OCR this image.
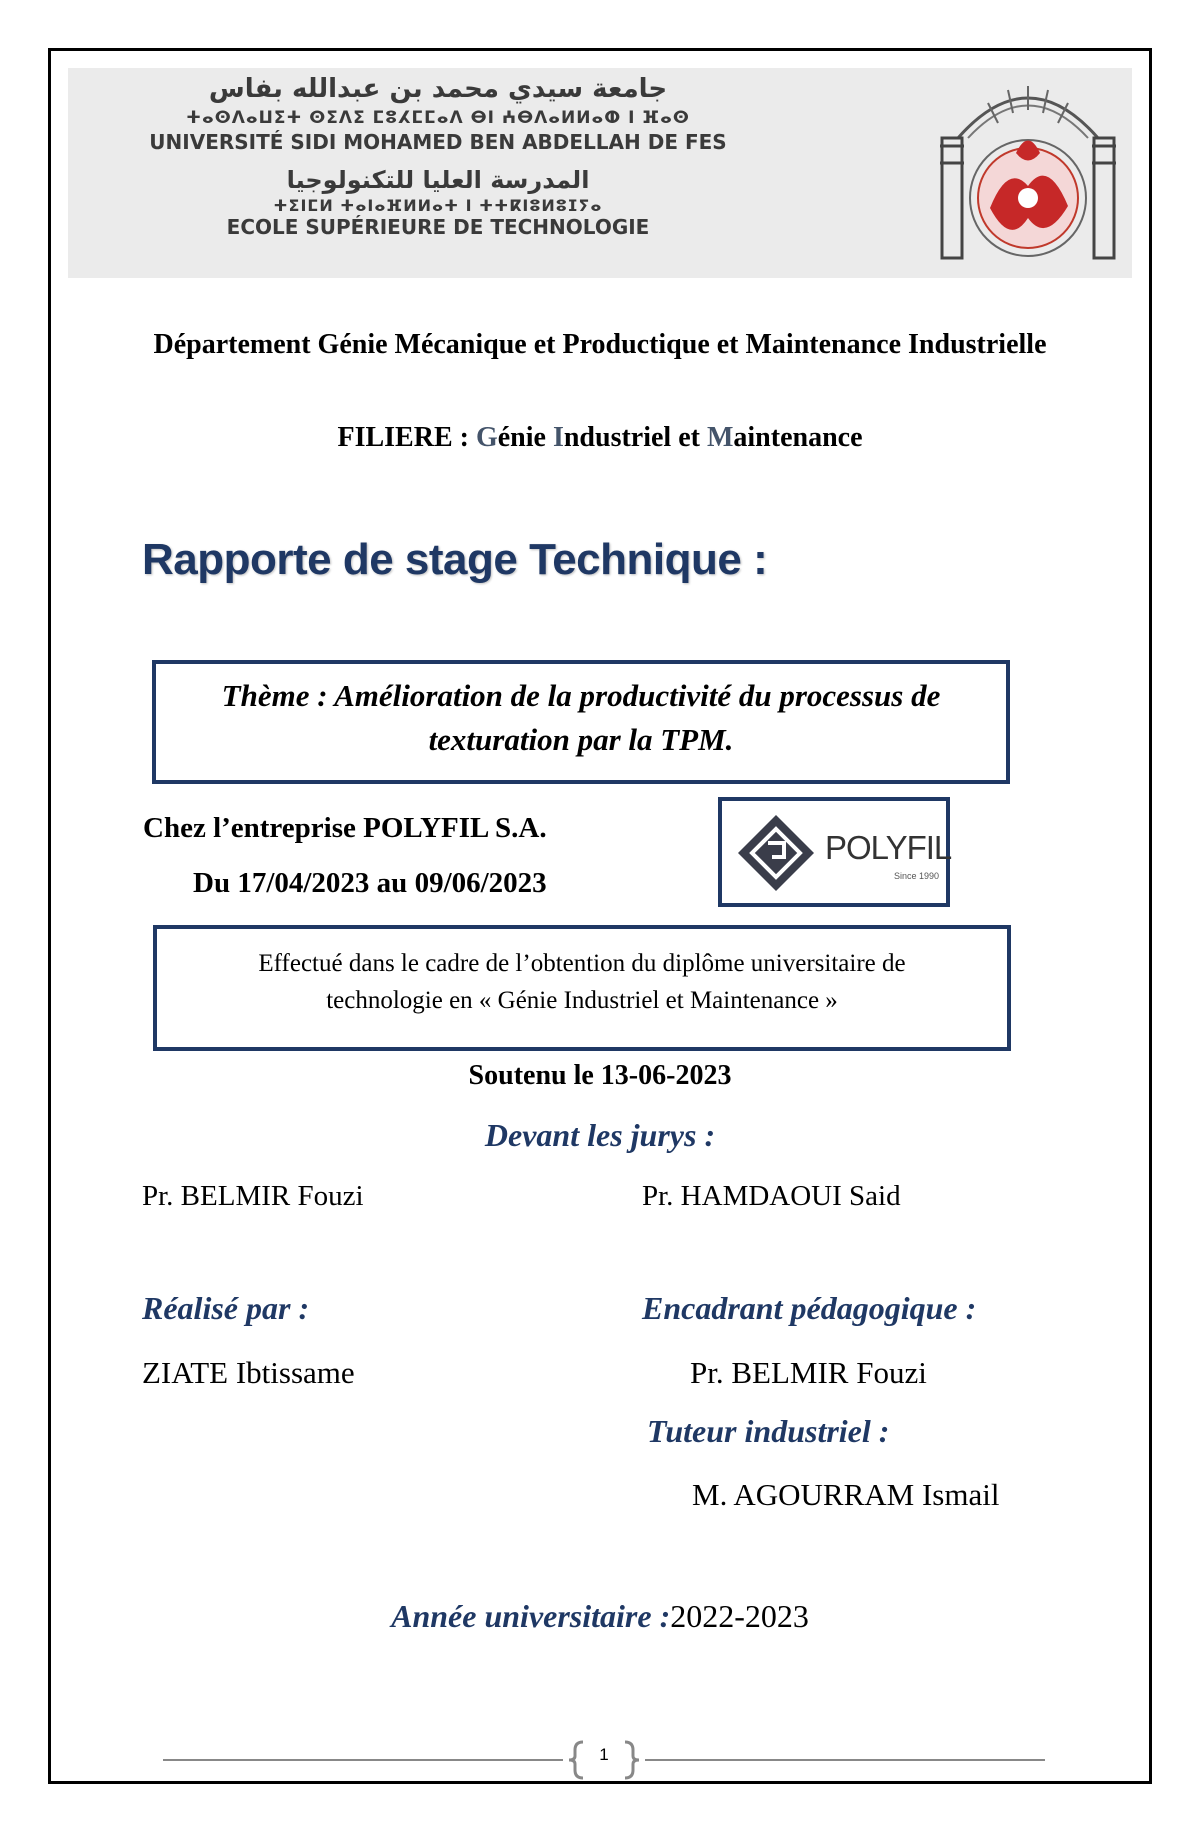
جامعة سيدي محمد بن عبدالله بفاس
ⵜⴰⵙⴷⴰⵡⵉⵜ ⵙⵉⴷⵉ ⵎⵓⵃⵎⵎⴰⴷ ⴱⵏ ⵄⴱⴷⴰⵍⵍⴰⵀ ⵏ ⴼⴰⵙ
UNIVERSITÉ SIDI MOHAMED BEN ABDELLAH DE FES
المدرسة العليا للتكنولوجيا
ⵜⵉⵏⵎⵍ ⵜⴰⵏⴰⴼⵍⵍⴰⵜ ⵏ ⵜⵜⴽⵏⵓⵍⵓⵊⵢⴰ
ECOLE SUPÉRIEURE DE TECHNOLOGIE
Département Génie Mécanique et Productique et Maintenance Industrielle
FILIERE : Génie Industriel et Maintenance
Rapporte de stage Technique :
Thème : Amélioration de la productivité du processus de texturation par la TPM.
Chez l’entreprise POLYFIL S.A.
Du 17/04/2023 au 09/06/2023
POLYFIL
Since 1990
Effectué dans le cadre de l’obtention du diplôme universitaire de
technologie en « Génie Industriel et Maintenance »
Soutenu le 13-06-2023
Devant les jurys :
Pr. BELMIR Fouzi	Pr. HAMDAOUI Said
Réalisé par :	Encadrant pédagogique :
ZIATE Ibtissame	Pr. BELMIR Fouzi
Tuteur industriel :
M. AGOURRAM Ismail
Année universitaire :2022-2023
1
